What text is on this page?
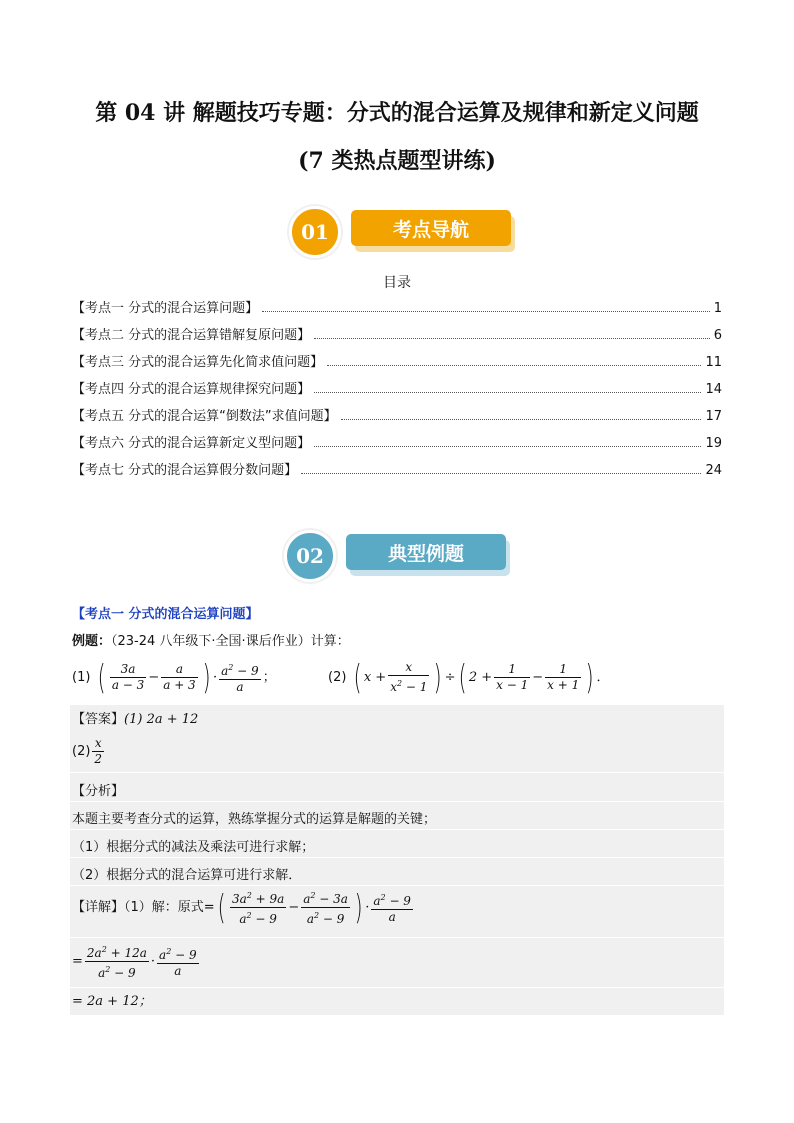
第 04 讲 解题技巧专题：分式的混合运算及规律和新定义问题
(7 类热点题型讲练)
考点导航
01
目录
【考点一 分式的混合运算问题】	1
【考点二 分式的混合运算错解复原问题】	6
【考点三 分式的混合运算先化简求值问题】	11
【考点四 分式的混合运算规律探究问题】	14
【考点五 分式的混合运算“倒数法”求值问题】	17
【考点六 分式的混合运算新定义型问题】	19
【考点七 分式的混合运算假分数问题】	24
典型例题
02
【考点一 分式的混合运算问题】
例题：（23-24 八年级下·全国·课后作业）计算：
(1) ( $\frac{3a}{a - 3} - \frac{a}{a + 3}$ ) · $\frac{a^2 - 9}{a}$ ；	(2) ( $x + \frac{x}{x^2 - 1}$ ) ÷( $2 + \frac{1}{x - 1} - \frac{1}{x + 1}$ ) ．
【答案】(1) 2a + 12
$(2) \frac{x}{2}$
【分析】
本题主要考查分式的运算，熟练掌握分式的运算是解题的关键；
（1）根据分式的减法及乘法可进行求解；
（2）根据分式的混合运算可进行求解．
【详解】（1）解：原式=( $\frac{3a^2 + 9a}{a^2 - 9} - \frac{a^2 - 3a}{a^2 - 9}$ ) · $\frac{a^2 - 9}{a}$
= $\frac{2a^2 + 12a}{a^2 - 9} \cdot \frac{a^2 - 9}{a}$
= 2a + 12；
